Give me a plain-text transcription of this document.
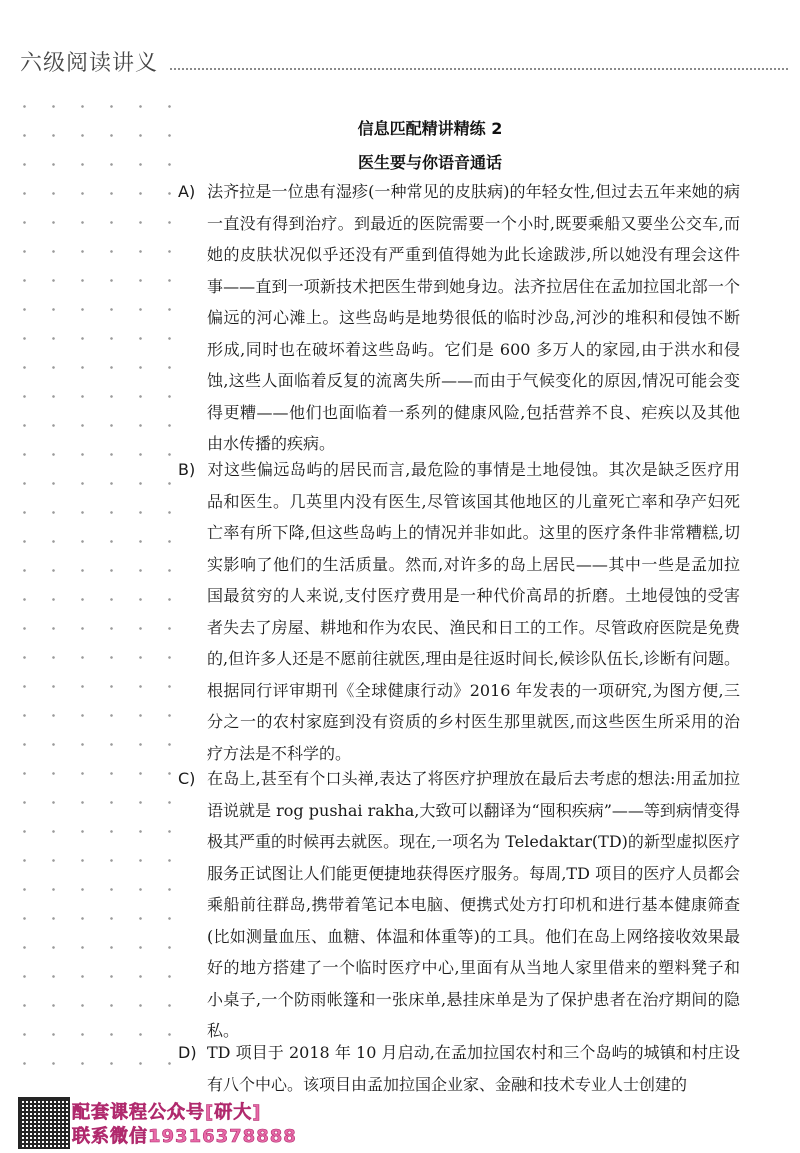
六级阅读讲义
信息匹配精讲精练 2
医生要与你语音通话
A) 法齐拉是一位患有湿疹(一种常见的皮肤病)的年轻女性,但过去五年来她的病一直没有得到治疗。到最近的医院需要一个小时,既要乘船又要坐公交车,而她的皮肤状况似乎还没有严重到值得她为此长途跋涉,所以她没有理会这件事——直到一项新技术把医生带到她身边。法齐拉居住在孟加拉国北部一个偏远的河心滩上。这些岛屿是地势很低的临时沙岛,河沙的堆积和侵蚀不断形成,同时也在破坏着这些岛屿。它们是 600 多万人的家园,由于洪水和侵蚀,这些人面临着反复的流离失所——而由于气候变化的原因,情况可能会变得更糟——他们也面临着一系列的健康风险,包括营养不良、疟疾以及其他由水传播的疾病。
B) 对这些偏远岛屿的居民而言,最危险的事情是土地侵蚀。其次是缺乏医疗用品和医生。几英里内没有医生,尽管该国其他地区的儿童死亡率和孕产妇死亡率有所下降,但这些岛屿上的情况并非如此。这里的医疗条件非常糟糕,切实影响了他们的生活质量。然而,对许多的岛上居民——其中一些是孟加拉国最贫穷的人来说,支付医疗费用是一种代价高昂的折磨。土地侵蚀的受害者失去了房屋、耕地和作为农民、渔民和日工的工作。尽管政府医院是免费的,但许多人还是不愿前往就医,理由是往返时间长,候诊队伍长,诊断有问题。根据同行评审期刊《全球健康行动》2016 年发表的一项研究,为图方便,三分之一的农村家庭到没有资质的乡村医生那里就医,而这些医生所采用的治疗方法是不科学的。
C) 在岛上,甚至有个口头禅,表达了将医疗护理放在最后去考虑的想法:用孟加拉语说就是 rog pushai rakha,大致可以翻译为“囤积疾病”——等到病情变得极其严重的时候再去就医。现在,一项名为 Teledaktar(TD)的新型虚拟医疗服务正试图让人们能更便捷地获得医疗服务。每周,TD 项目的医疗人员都会乘船前往群岛,携带着笔记本电脑、便携式处方打印机和进行基本健康筛查(比如测量血压、血糖、体温和体重等)的工具。他们在岛上网络接收效果最好的地方搭建了一个临时医疗中心,里面有从当地人家里借来的塑料凳子和小桌子,一个防雨帐篷和一张床单,悬挂床单是为了保护患者在治疗期间的隐私。
D) TD 项目于 2018 年 10 月启动,在孟加拉国农村和三个岛屿的城镇和村庄设有八个中心。该项目由孟加拉国企业家、金融和技术专业人士创建的
配套课程公众号[研大]
联系微信19316378888
